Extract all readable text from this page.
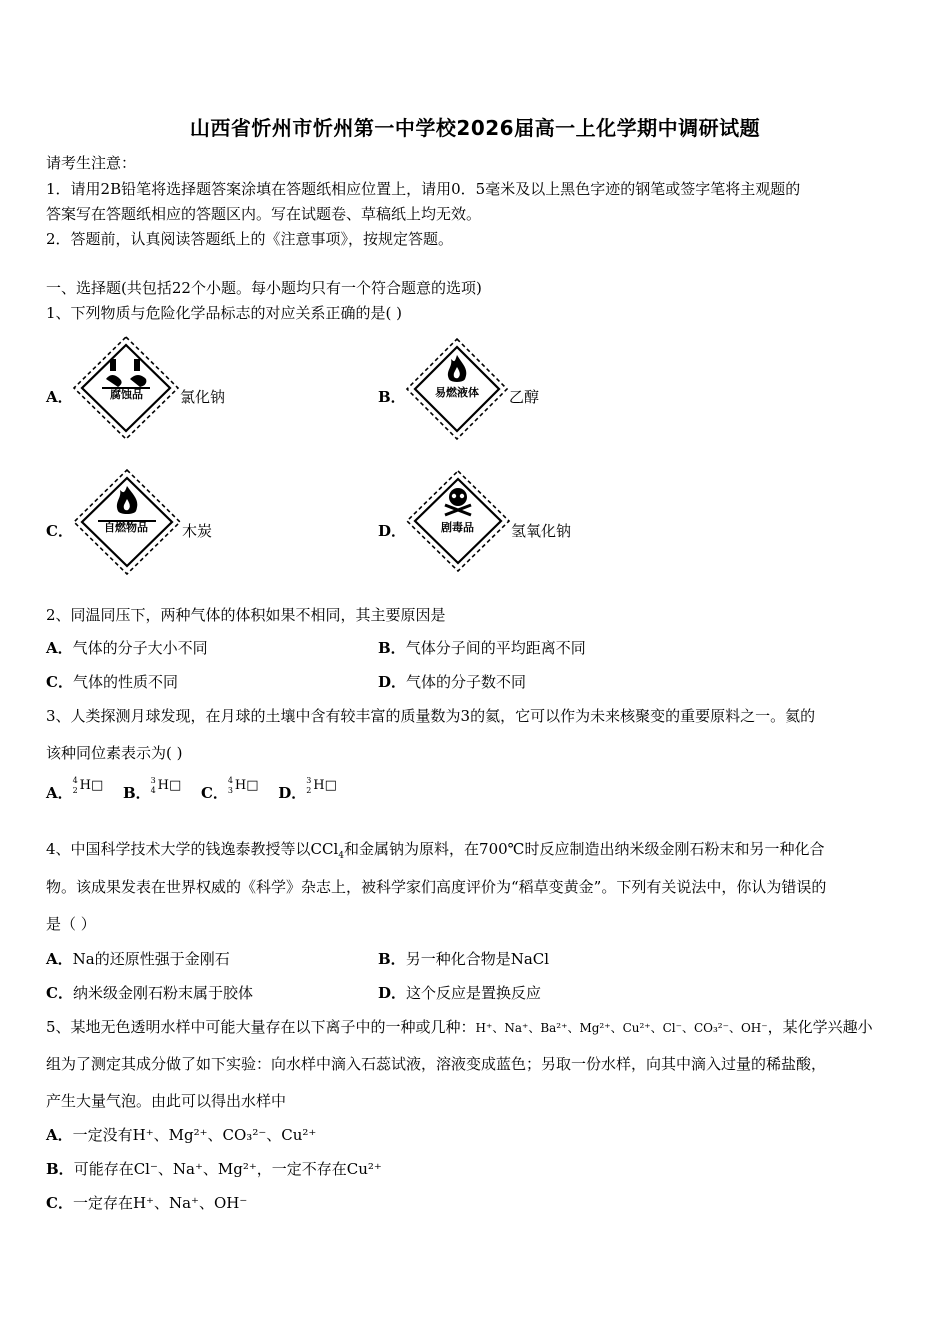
山西省忻州市忻州第一中学校2026届高一上化学期中调研试题
请考生注意：
1．请用2B铅笔将选择题答案涂填在答题纸相应位置上，请用0．5毫米及以上黑色字迹的钢笔或签字笔将主观题的
答案写在答题纸相应的答题区内。写在试题卷、草稿纸上均无效。
2．答题前，认真阅读答题纸上的《注意事项》，按规定答题。
一、选择题(共包括22个小题。每小题均只有一个符合题意的选项)
1、下列物质与危险化学品标志的对应关系正确的是( )
A．	腐蚀品 氯化钠	B．	易燃液体 乙醇
C．	自燃物品 木炭	D．	剧毒品 氢氧化钠
2、同温同压下，两种气体的体积如果不相同，其主要原因是
A．气体的分子大小不同	B．气体分子间的平均距离不同
C．气体的性质不同	D．气体的分子数不同
3、人类探测月球发现，在月球的土壤中含有较丰富的质量数为3的氦，它可以作为未来核聚变的重要原料之一。氦的
该种同位素表示为( )
A．
4
2 H□ B．
3
4 H□ C．
4
3 H□ D．
3
2 H□
4、中国科学技术大学的钱逸泰教授等以CCl$_4$和金属钠为原料，在700℃时反应制造出纳米级金刚石粉末和另一种化合
物。该成果发表在世界权威的《科学》杂志上，被科学家们高度评价为“稻草变黄金”。下列有关说法中，你认为错误的
是（ ）
A．Na的还原性强于金刚石	B．另一种化合物是NaCl
C．纳米级金刚石粉末属于胶体	D．这个反应是置换反应
5、某地无色透明水样中可能大量存在以下离子中的一种或几种：H⁺、Na⁺、Ba²⁺、Mg²⁺、Cu²⁺、Cl⁻、CO₃²⁻、OH⁻，某化学兴趣小
组为了测定其成分做了如下实验：向水样中滴入石蕊试液，溶液变成蓝色；另取一份水样，向其中滴入过量的稀盐酸，
产生大量气泡。由此可以得出水样中
A．一定没有H⁺、Mg²⁺、CO₃²⁻、Cu²⁺
B．可能存在Cl⁻、Na⁺、Mg²⁺，一定不存在Cu²⁺
C．一定存在H⁺、Na⁺、OH⁻
